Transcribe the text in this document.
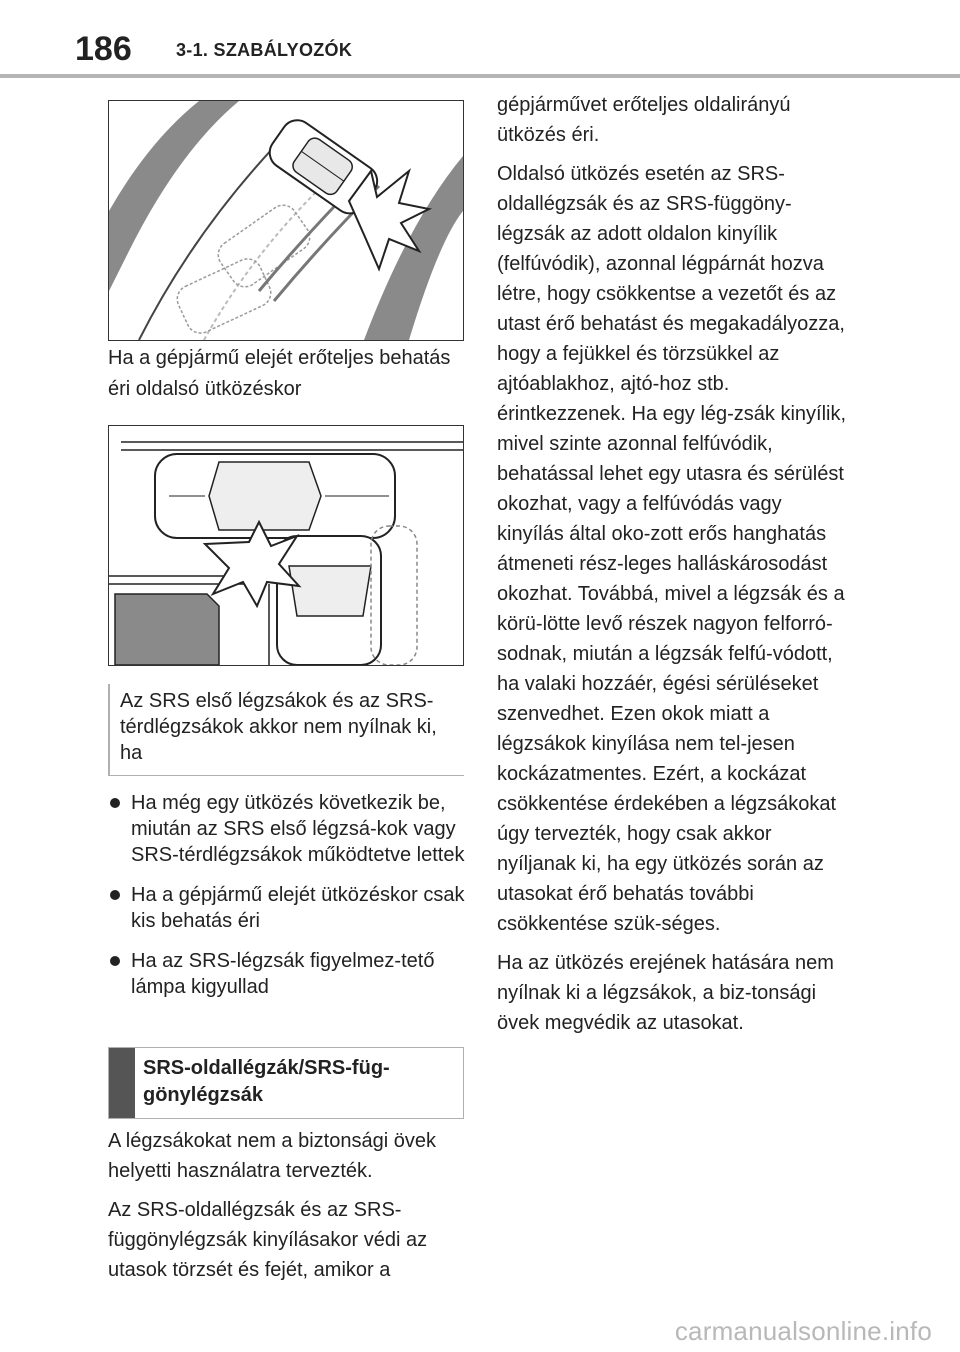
186 3-1. SZABÁLYOZÓK
Ha a gépjármű elejét erőteljes behatás éri oldalsó ütközéskor

Az SRS első légzsákok és az SRS-térdlégzsákok akkor nem nyílnak ki, ha

Ha még egy ütközés következik be, miután az SRS első légzsá-kok vagy SRS-térdlégzsákok működtetve lettek
Ha a gépjármű elejét ütközéskor csak kis behatás éri
Ha az SRS-légzsák figyelmez-tető lámpa kigyullad
SRS-oldallégzák/SRS-füg-gönylégzsák

A légzsákokat nem a biztonsági övek helyetti használatra tervezték.

Az SRS-oldallégzsák és az SRS-függönylégzsák kinyílásakor védi az utasok törzsét és fejét, amikor a

gépjárművet erőteljes oldalirányú ütközés éri.

Oldalsó ütközés esetén az SRS-oldallégzsák és az SRS-függöny-légzsák az adott oldalon kinyílik (felfúvódik), azonnal légpárnát hozva létre, hogy csökkentse a vezetőt és az utast érő behatást és megakadályozza, hogy a fejükkel és törzsükkel az ajtóablakhoz, ajtó-hoz stb. érintkezzenek. Ha egy lég-zsák kinyílik, mivel szinte azonnal felfúvódik, behatással lehet egy utasra és sérülést okozhat, vagy a felfúvódás vagy kinyílás által oko-zott erős hanghatás átmeneti rész-leges halláskárosodást okozhat. Továbbá, mivel a légzsák és a körü-lötte levő részek nagyon felforró-sodnak, miután a légzsák felfú-vódott, ha valaki hozzáér, égési sérüléseket szenvedhet. Ezen okok miatt a légzsákok kinyílása nem tel-jesen kockázatmentes. Ezért, a kockázat csökkentése érdekében a légzsákokat úgy tervezték, hogy csak akkor nyíljanak ki, ha egy ütközés során az utasokat érő behatás további csökkentése szük-séges.

Ha az ütközés erejének hatására nem nyílnak ki a légzsákok, a biz-tonsági övek megvédik az utasokat.

carmanualsonline.info
